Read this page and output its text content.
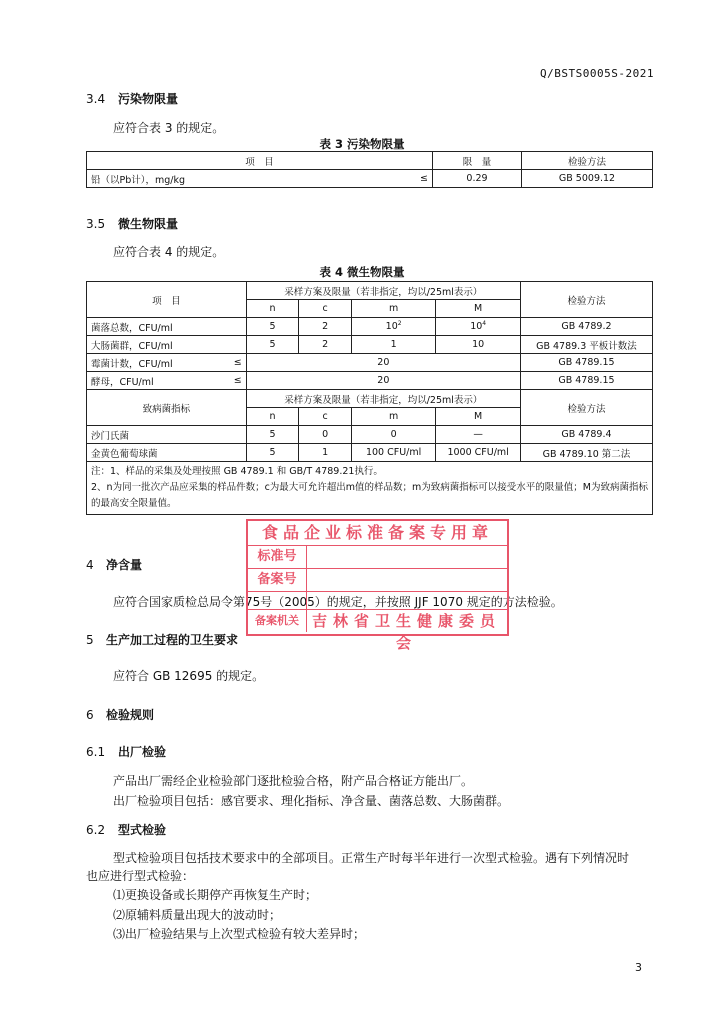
Q/BSTS0005S-2021
3.4 污染物限量
应符合表 3 的规定。
表 3 污染物限量
项　目	限　量	检验方法

铅（以Pb计），mg/kg ≤	0.29	GB 5009.12
3.5 微生物限量
应符合表 4 的规定。
表 4 微生物限量
项　目	采样方案及限量（若非指定，均以/25ml表示）				检验方法
	n	c	m	M	
菌落总数，CFU/ml	5	2	$10^2$	$10^4$	GB 4789.2
大肠菌群，CFU/ml	5	2	1	10	GB 4789.3 平板计数法

霉菌计数，CFU/ml ≤	20				GB 4789.15

酵母，CFU/ml ≤	20				GB 4789.15
致病菌指标	采样方案及限量（若非指定，均以/25ml表示）				检验方法
	n	c	m	M	
沙门氏菌	5	0	0	—	GB 4789.4
金黄色葡萄球菌	5	1	100 CFU/ml	1000 CFU/ml	GB 4789.10 第二法

注：1、样品的采集及处理按照 GB 4789.1 和 GB/T 4789.21执行。
2、n为同一批次产品应采集的样品件数；c为最大可允许超出m值的样品数；m为致病菌指标可以接受水平的限量值；M为致病菌指标的最高安全限量值。					
4 净含量
应符合国家质检总局令第75号（2005）的规定，并按照 JJF 1070 规定的方法检验。
5 生产加工过程的卫生要求
应符合 GB 12695 的规定。
6 检验规则
6.1 出厂检验
产品出厂需经企业检验部门逐批检验合格，附产品合格证方能出厂。
出厂检验项目包括：感官要求、理化指标、净含量、菌落总数、大肠菌群。
6.2 型式检验
型式检验项目包括技术要求中的全部项目。正常生产时每半年进行一次型式检验。遇有下列情况时
也应进行型式检验：
⑴更换设备或长期停产再恢复生产时；
⑵原辅料质量出现大的波动时；
⑶出厂检验结果与上次型式检验有较大差异时；
食品企业标准备案专用章
标准号
备案号
备案机关 吉林省卫生健康委员会
3
